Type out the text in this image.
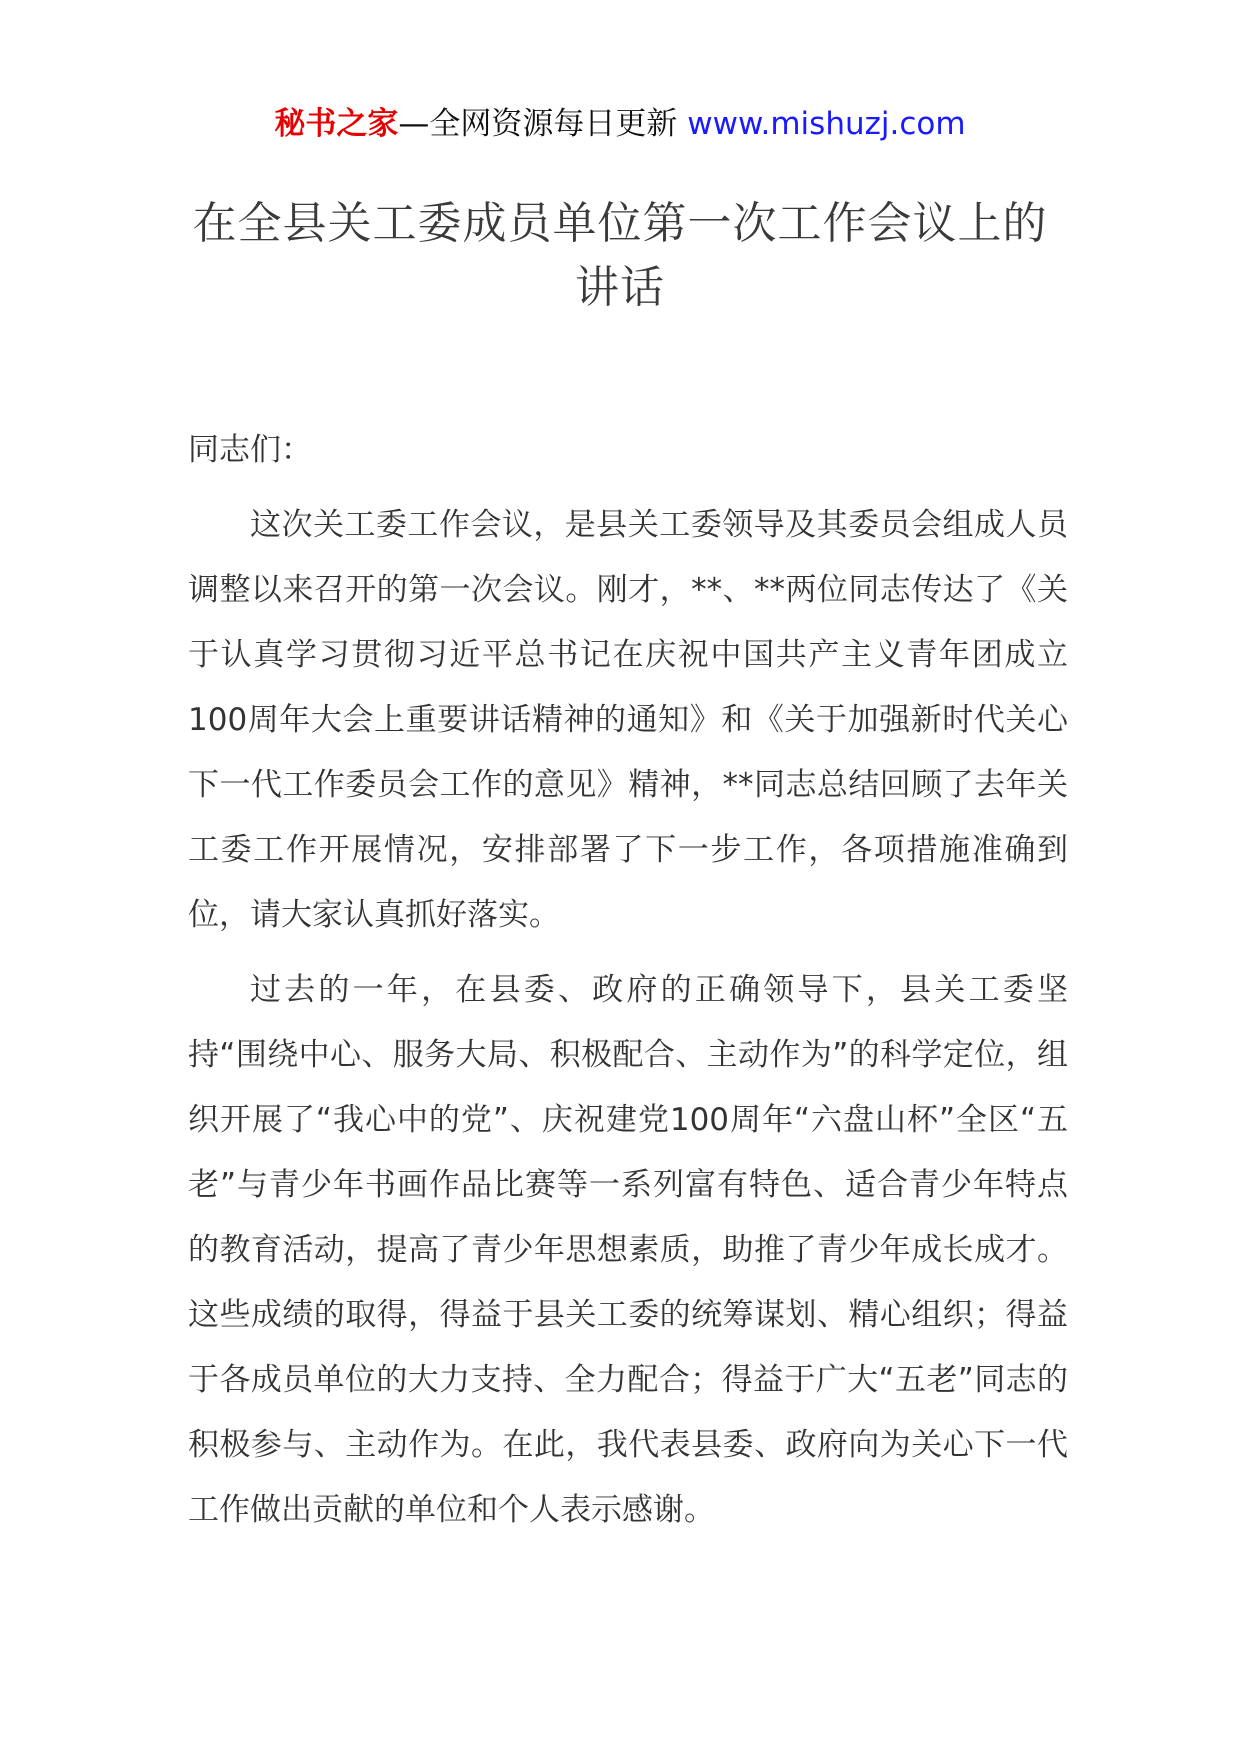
秘书之家—全网资源每日更新 www.mishuzj.com
在全县关工委成员单位第一次工作会议上的讲话

同志们：

这次关工委工作会议，是县关工委领导及其委员会组成人员调整以来召开的第一次会议。刚才，**、**两位同志传达了《关于认真学习贯彻习近平总书记在庆祝中国共产主义青年团成立100周年大会上重要讲话精神的通知》和《关于加强新时代关心下一代工作委员会工作的意见》精神，**同志总结回顾了去年关工委工作开展情况，安排部署了下一步工作，各项措施准确到位，请大家认真抓好落实。

过去的一年，在县委、政府的正确领导下，县关工委坚持“围绕中心、服务大局、积极配合、主动作为”的科学定位，组织开展了“我心中的党”、庆祝建党100周年“六盘山杯”全区“五老”与青少年书画作品比赛等一系列富有特色、适合青少年特点的教育活动，提高了青少年思想素质，助推了青少年成长成才。这些成绩的取得，得益于县关工委的统筹谋划、精心组织；得益于各成员单位的大力支持、全力配合；得益于广大“五老”同志的积极参与、主动作为。在此，我代表县委、政府向为关心下一代工作做出贡献的单位和个人表示感谢。
